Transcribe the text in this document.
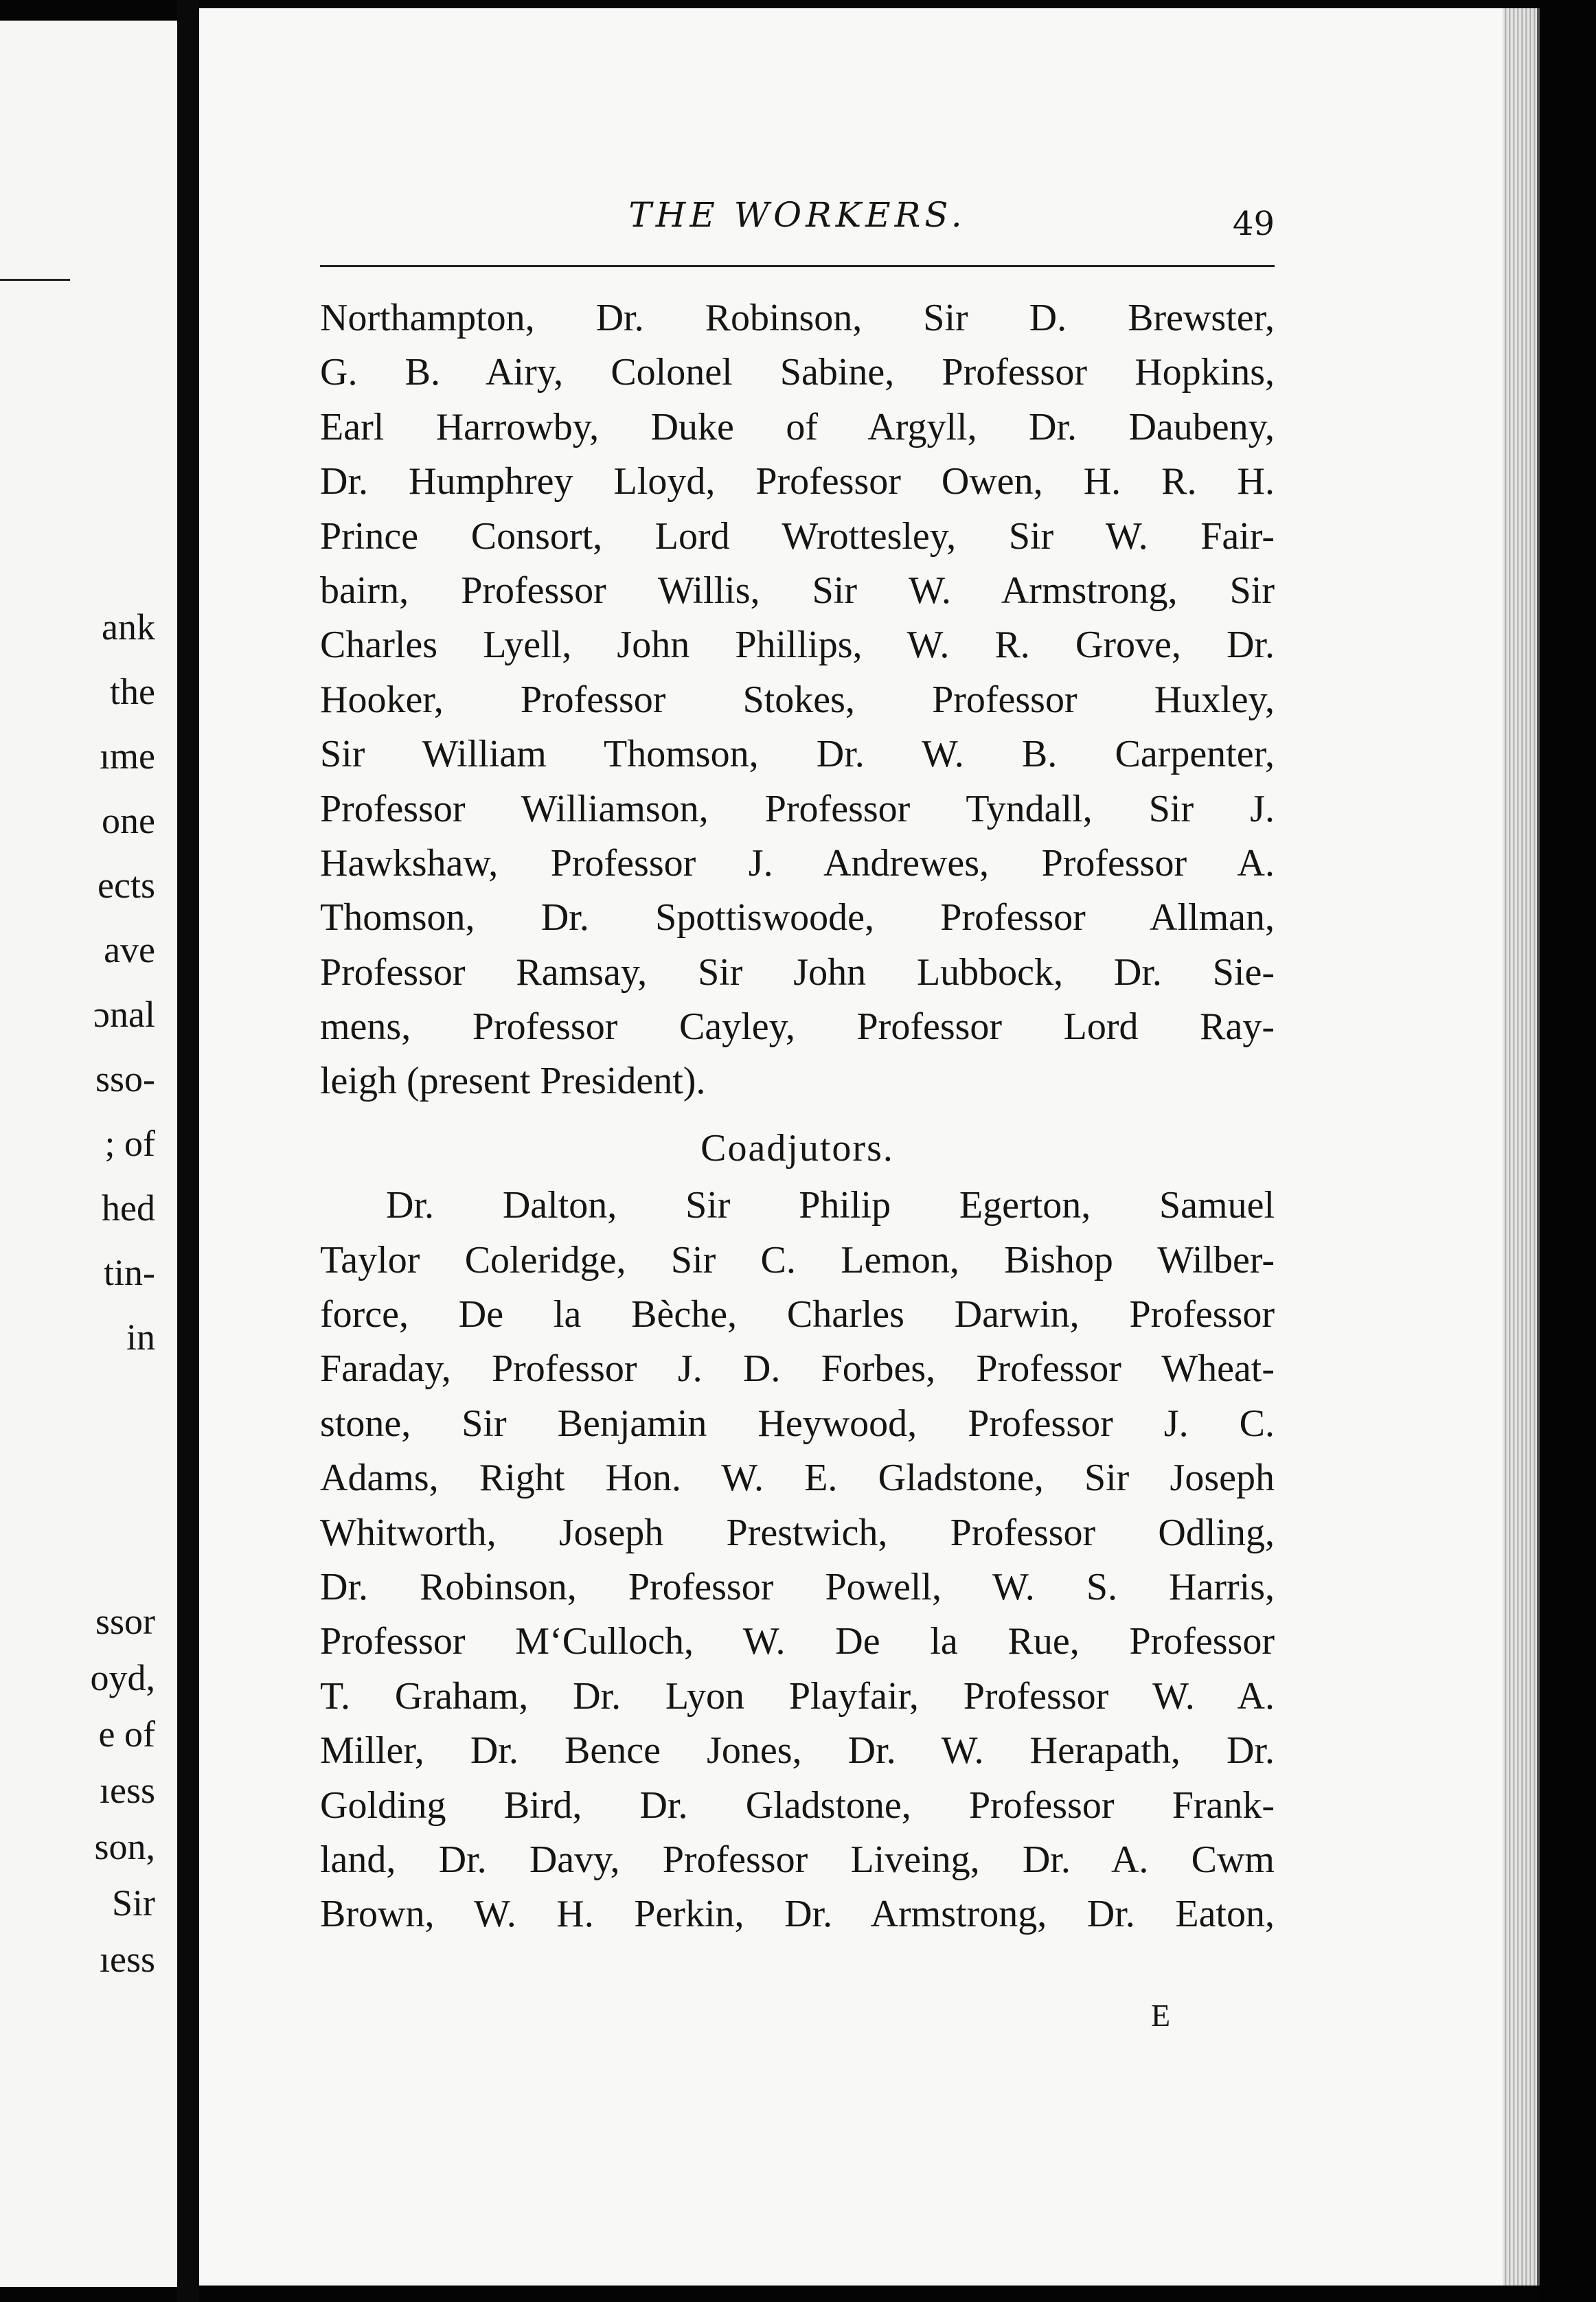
ank
the
ıme
one
ects
ave
ɔnal
sso-
; of
hed
tin-
in
ssor
oyd,
e of
ıess
son,
Sir
ıess
THE WORKERS.	49
Northampton, Dr. Robinson, Sir D. Brewster,
G. B. Airy, Colonel Sabine, Professor Hopkins,
Earl Harrowby, Duke of Argyll, Dr. Daubeny,
Dr. Humphrey Lloyd, Professor Owen, H. R. H.
Prince Consort, Lord Wrottesley, Sir W. Fair-
bairn, Professor Willis, Sir W. Armstrong, Sir
Charles Lyell, John Phillips, W. R. Grove, Dr.
Hooker, Professor Stokes, Professor Huxley,
Sir William Thomson, Dr. W. B. Carpenter,
Professor Williamson, Professor Tyndall, Sir J.
Hawkshaw, Professor J. Andrewes, Professor A.
Thomson, Dr. Spottiswoode, Professor Allman,
Professor Ramsay, Sir John Lubbock, Dr. Sie-
mens, Professor Cayley, Professor Lord Ray-
leigh (present President).
Coadjutors.
Dr. Dalton, Sir Philip Egerton, Samuel
Taylor Coleridge, Sir C. Lemon, Bishop Wilber-
force, De la Bèche, Charles Darwin, Professor
Faraday, Professor J. D. Forbes, Professor Wheat-
stone, Sir Benjamin Heywood, Professor J. C.
Adams, Right Hon. W. E. Gladstone, Sir Joseph
Whitworth, Joseph Prestwich, Professor Odling,
Dr. Robinson, Professor Powell, W. S. Harris,
Professor M‘Culloch, W. De la Rue, Professor
T. Graham, Dr. Lyon Playfair, Professor W. A.
Miller, Dr. Bence Jones, Dr. W. Herapath, Dr.
Golding Bird, Dr. Gladstone, Professor Frank-
land, Dr. Davy, Professor Liveing, Dr. A. Cwm
Brown, W. H. Perkin, Dr. Armstrong, Dr. Eaton,
E
